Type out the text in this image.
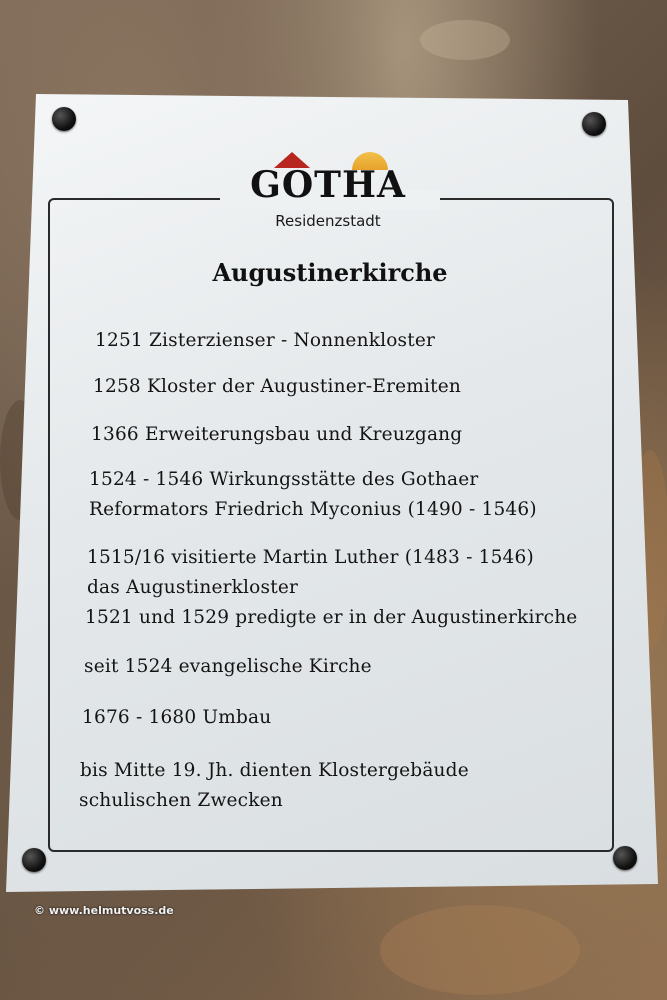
GOTHA
Residenzstadt
Augustinerkirche
1251 Zisterzienser - Nonnenkloster
1258 Kloster der Augustiner-Eremiten
1366 Erweiterungsbau und Kreuzgang
1524 - 1546 Wirkungsstätte des Gothaer
Reformators Friedrich Myconius (1490 - 1546)
1515/16 visitierte Martin Luther (1483 - 1546)
das Augustinerkloster
1521 und 1529 predigte er in der Augustinerkirche
seit 1524 evangelische Kirche
1676 - 1680 Umbau
bis Mitte 19. Jh. dienten Klostergebäude
schulischen Zwecken
© www.helmutvoss.de
